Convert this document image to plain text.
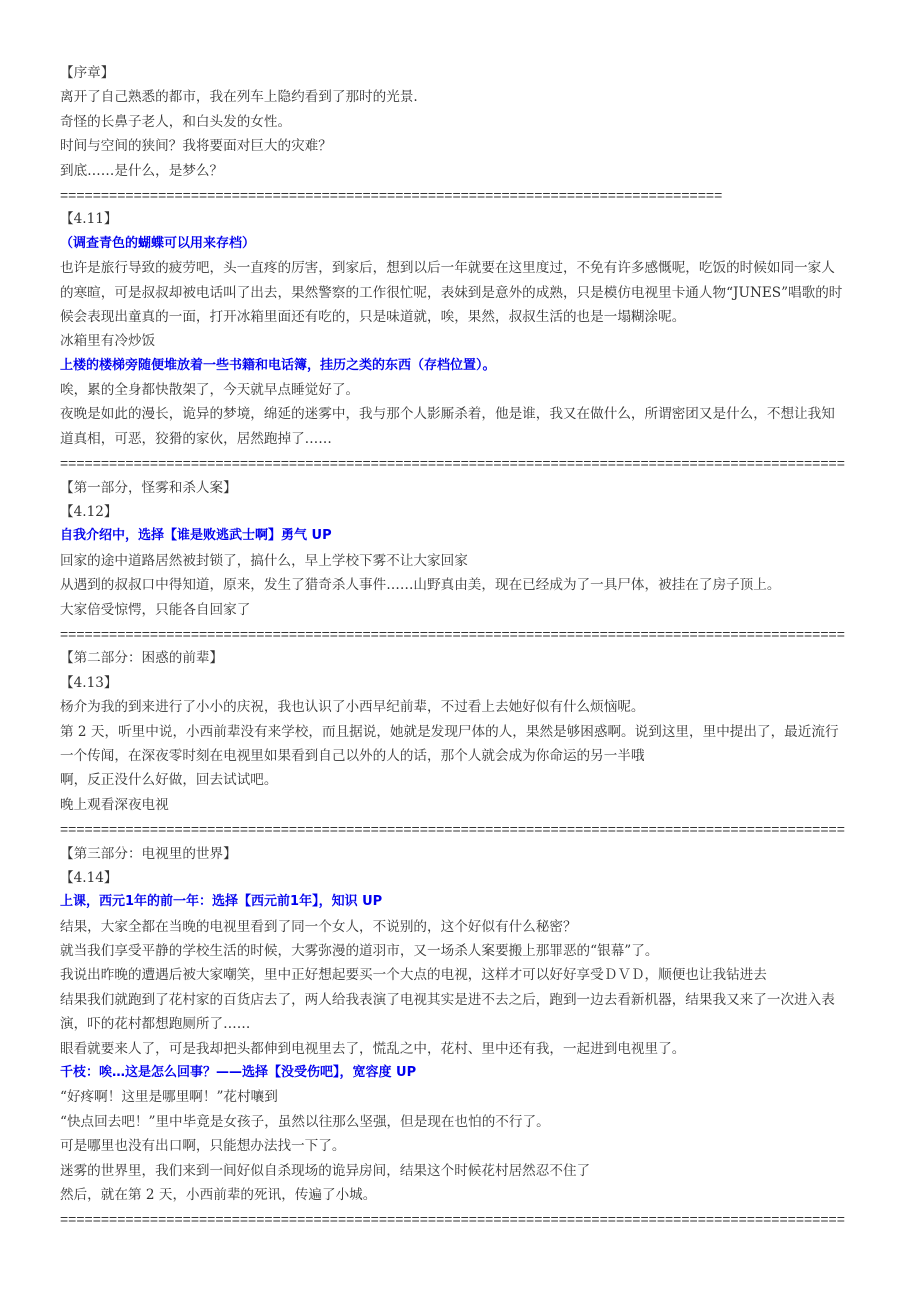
【序章】
离开了自己熟悉的都市，我在列车上隐约看到了那时的光景.
奇怪的长鼻子老人，和白头发的女性。
时间与空间的狭间？我将要面对巨大的灾难？
到底……是什么，是梦么？
=================================================================================
【4.11】
（调查青色的蝴蝶可以用来存档）
也许是旅行导致的疲劳吧，头一直疼的厉害，到家后，想到以后一年就要在这里度过，不免有许多感慨呢，吃饭的时候如同一家人
的寒暄，可是叔叔却被电话叫了出去，果然警察的工作很忙呢，表妹到是意外的成熟，只是模仿电视里卡通人物“JUNES”唱歌的时
候会表现出童真的一面，打开冰箱里面还有吃的，只是味道就，唉，果然，叔叔生活的也是一塌糊涂呢。
冰箱里有冷炒饭
上楼的楼梯旁随便堆放着一些书籍和电话簿，挂历之类的东西（存档位置）。
唉，累的全身都快散架了，今天就早点睡觉好了。
夜晚是如此的漫长，诡异的梦境，绵延的迷雾中，我与那个人影厮杀着，他是谁，我又在做什么，所谓密团又是什么，不想让我知
道真相，可恶，狡猾的家伙，居然跑掉了……
================================================================================================
【第一部分，怪雾和杀人案】
【4.12】
自我介绍中，选择【谁是败逃武士啊】勇气 UP
回家的途中道路居然被封锁了，搞什么，早上学校下雾不让大家回家
从遇到的叔叔口中得知道，原来，发生了猎奇杀人事件……山野真由美，现在已经成为了一具尸体，被挂在了房子顶上。
大家倍受惊愕，只能各自回家了
================================================================================================
【第二部分：困惑的前辈】
【4.13】
杨介为我的到来进行了小小的庆祝，我也认识了小西早纪前辈，不过看上去她好似有什么烦恼呢。
第 2 天，听里中说，小西前辈没有来学校，而且据说，她就是发现尸体的人，果然是够困惑啊。说到这里，里中提出了，最近流行
一个传闻，在深夜零时刻在电视里如果看到自己以外的人的话，那个人就会成为你命运的另一半哦
啊，反正没什么好做，回去试试吧。
晚上观看深夜电视
================================================================================================
【第三部分：电视里的世界】
【4.14】
上课，西元1年的前一年：选择【西元前1年】，知识 UP
结果，大家全都在当晚的电视里看到了同一个女人，不说别的，这个好似有什么秘密？
就当我们享受平静的学校生活的时候，大雾弥漫的道羽市，又一场杀人案要搬上那罪恶的“银幕”了。
我说出昨晚的遭遇后被大家嘲笑，里中正好想起要买一个大点的电视，这样才可以好好享受ＤＶＤ，顺便也让我钻进去
结果我们就跑到了花村家的百货店去了，两人给我表演了电视其实是进不去之后，跑到一边去看新机器，结果我又来了一次进入表
演，吓的花村都想跑厕所了……
眼看就要来人了，可是我却把头都伸到电视里去了，慌乱之中，花村、里中还有我，一起进到电视里了。
千枝：唉…这是怎么回事？——选择【没受伤吧】，宽容度 UP
“好疼啊！这里是哪里啊！”花村嚷到
“快点回去吧！”里中毕竟是女孩子，虽然以往那么坚强，但是现在也怕的不行了。
可是哪里也没有出口啊，只能想办法找一下了。
迷雾的世界里，我们来到一间好似自杀现场的诡异房间，结果这个时候花村居然忍不住了
然后，就在第 2 天，小西前辈的死讯，传遍了小城。
================================================================================================
